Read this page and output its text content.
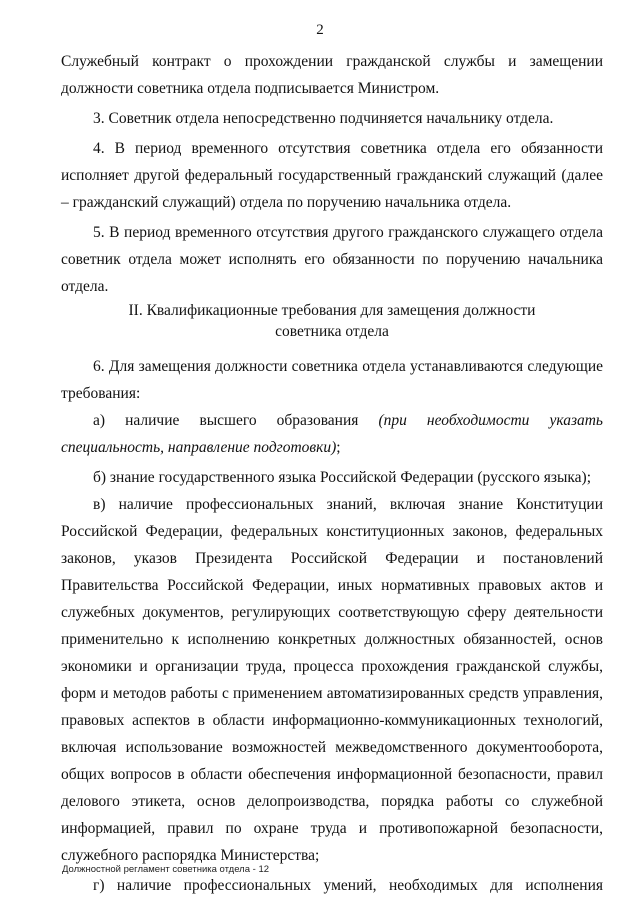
2

Служебный контракт о прохождении гражданской службы и замещении должности советника отдела подписывается Министром.

3. Советник отдела непосредственно подчиняется начальнику отдела.

4. В период временного отсутствия советника отдела его обязанности исполняет другой федеральный государственный гражданский служащий (далее – гражданский служащий) отдела по поручению начальника отдела.

5. В период временного отсутствия другого гражданского служащего отдела советник отдела может исполнять его обязанности по поручению начальника отдела.

II. Квалификационные требования для замещения должности
советника отдела

6. Для замещения должности советника отдела устанавливаются следующие требования:

а) наличие высшего образования (при необходимости указать специальность, направление подготовки);

б) знание государственного языка Российской Федерации (русского языка);

в) наличие профессиональных знаний, включая знание Конституции Российской Федерации, федеральных конституционных законов, федеральных законов, указов Президента Российской Федерации и постановлений Правительства Российской Федерации, иных нормативных правовых актов и служебных документов, регулирующих соответствующую сферу деятельности применительно к исполнению конкретных должностных обязанностей, основ экономики и организации труда, процесса прохождения гражданской службы, форм и методов работы с применением автоматизированных средств управления, правовых аспектов в области информационно-коммуникационных технологий, включая использование возможностей межведомственного документооборота, общих вопросов в области обеспечения информационной безопасности, правил делового этикета, основ делопроизводства, порядка работы со служебной информацией, правил по охране труда и противопожарной безопасности, служебного распорядка Министерства;

г) наличие профессиональных умений, необходимых для исполнения

Должностной регламент советника отдела - 12
